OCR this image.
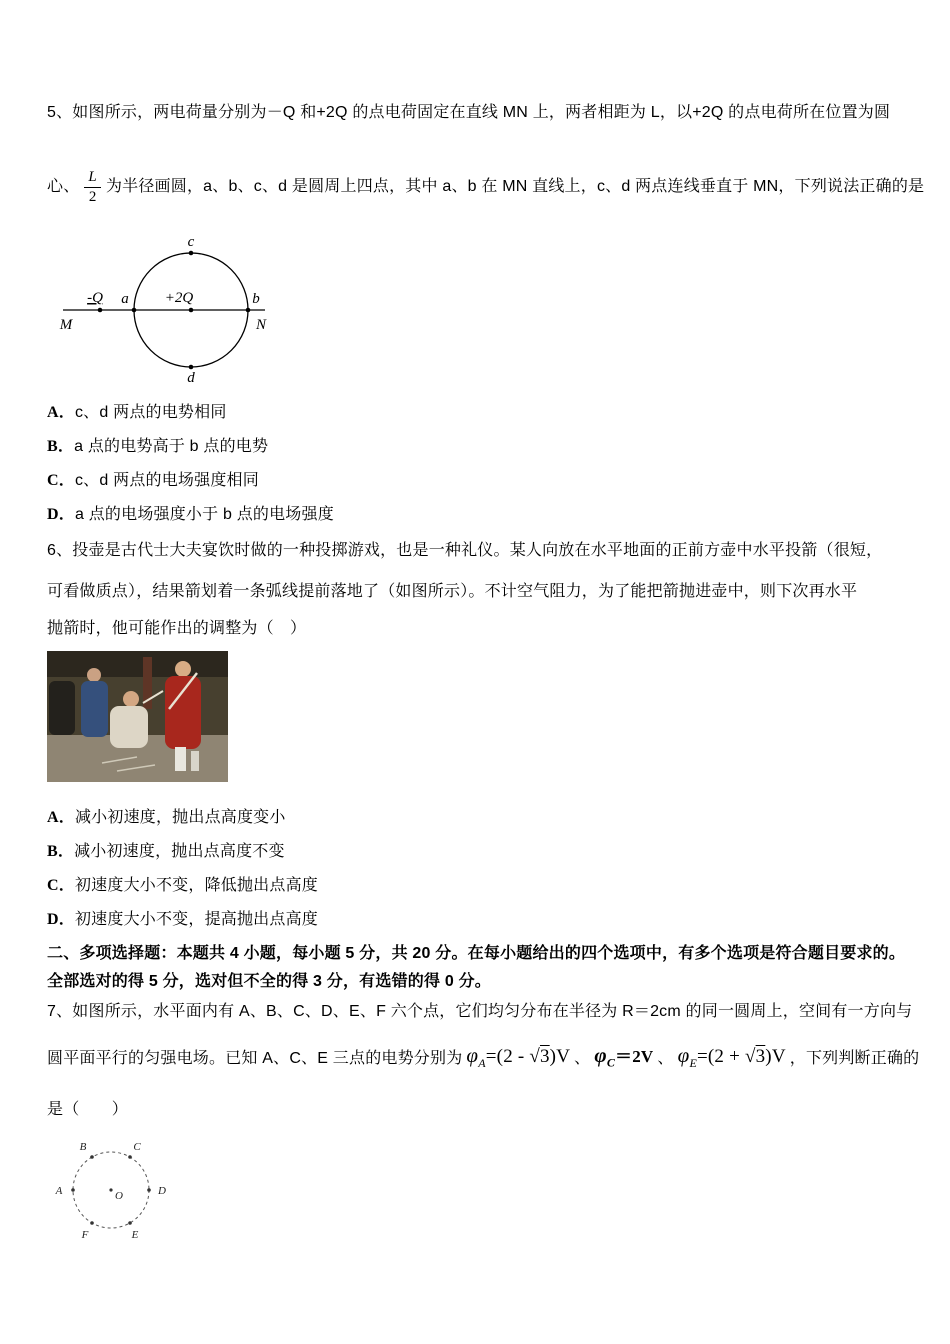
5、如图所示，两电荷量分别为－Q 和+2Q 的点电荷固定在直线 MN 上，两者相距为 L，以+2Q 的点电荷所在位置为圆

心、 $\frac{L}{2}$ 为半径画圆，a、b、c、d 是圆周上四点，其中 a、b 在 MN 直线上，c、d 两点连线垂直于 MN，下列说法正确的是
c
d
a	b
+2Q
-Q
M	N

A．c、d 两点的电势相同

B．a 点的电势高于 b 点的电势

C．c、d 两点的电场强度相同

D．a 点的电场强度小于 b 点的电场强度

6、投壶是古代士大夫宴饮时做的一种投掷游戏，也是一种礼仪。某人向放在水平地面的正前方壶中水平投箭（很短，

可看做质点），结果箭划着一条弧线提前落地了（如图所示）。不计空气阻力，为了能把箭抛进壶中，则下次再水平

抛箭时，他可能作出的调整为（　）

A．减小初速度，抛出点高度变小

B．减小初速度，抛出点高度不变

C．初速度大小不变，降低抛出点高度

D．初速度大小不变，提高抛出点高度

二、多项选择题：本题共 4 小题，每小题 5 分，共 20 分。在每小题给出的四个选项中，有多个选项是符合题目要求的。

全部选对的得 5 分，选对但不全的得 3 分，有选错的得 0 分。

7、如图所示，水平面内有 A、B、C、D、E、F 六个点，它们均匀分布在半径为 R＝2cm 的同一圆周上，空间有一方向与

圆平面平行的匀强电场。已知 A、C、E 三点的电势分别为 $\varphi_A=(2 - √3)V$ 、 $\varphi_C=2V$ 、 $\varphi_E=(2 + √3)V$ ，下列判断正确的

是（　　）

B	C
A	D
F	E
O
